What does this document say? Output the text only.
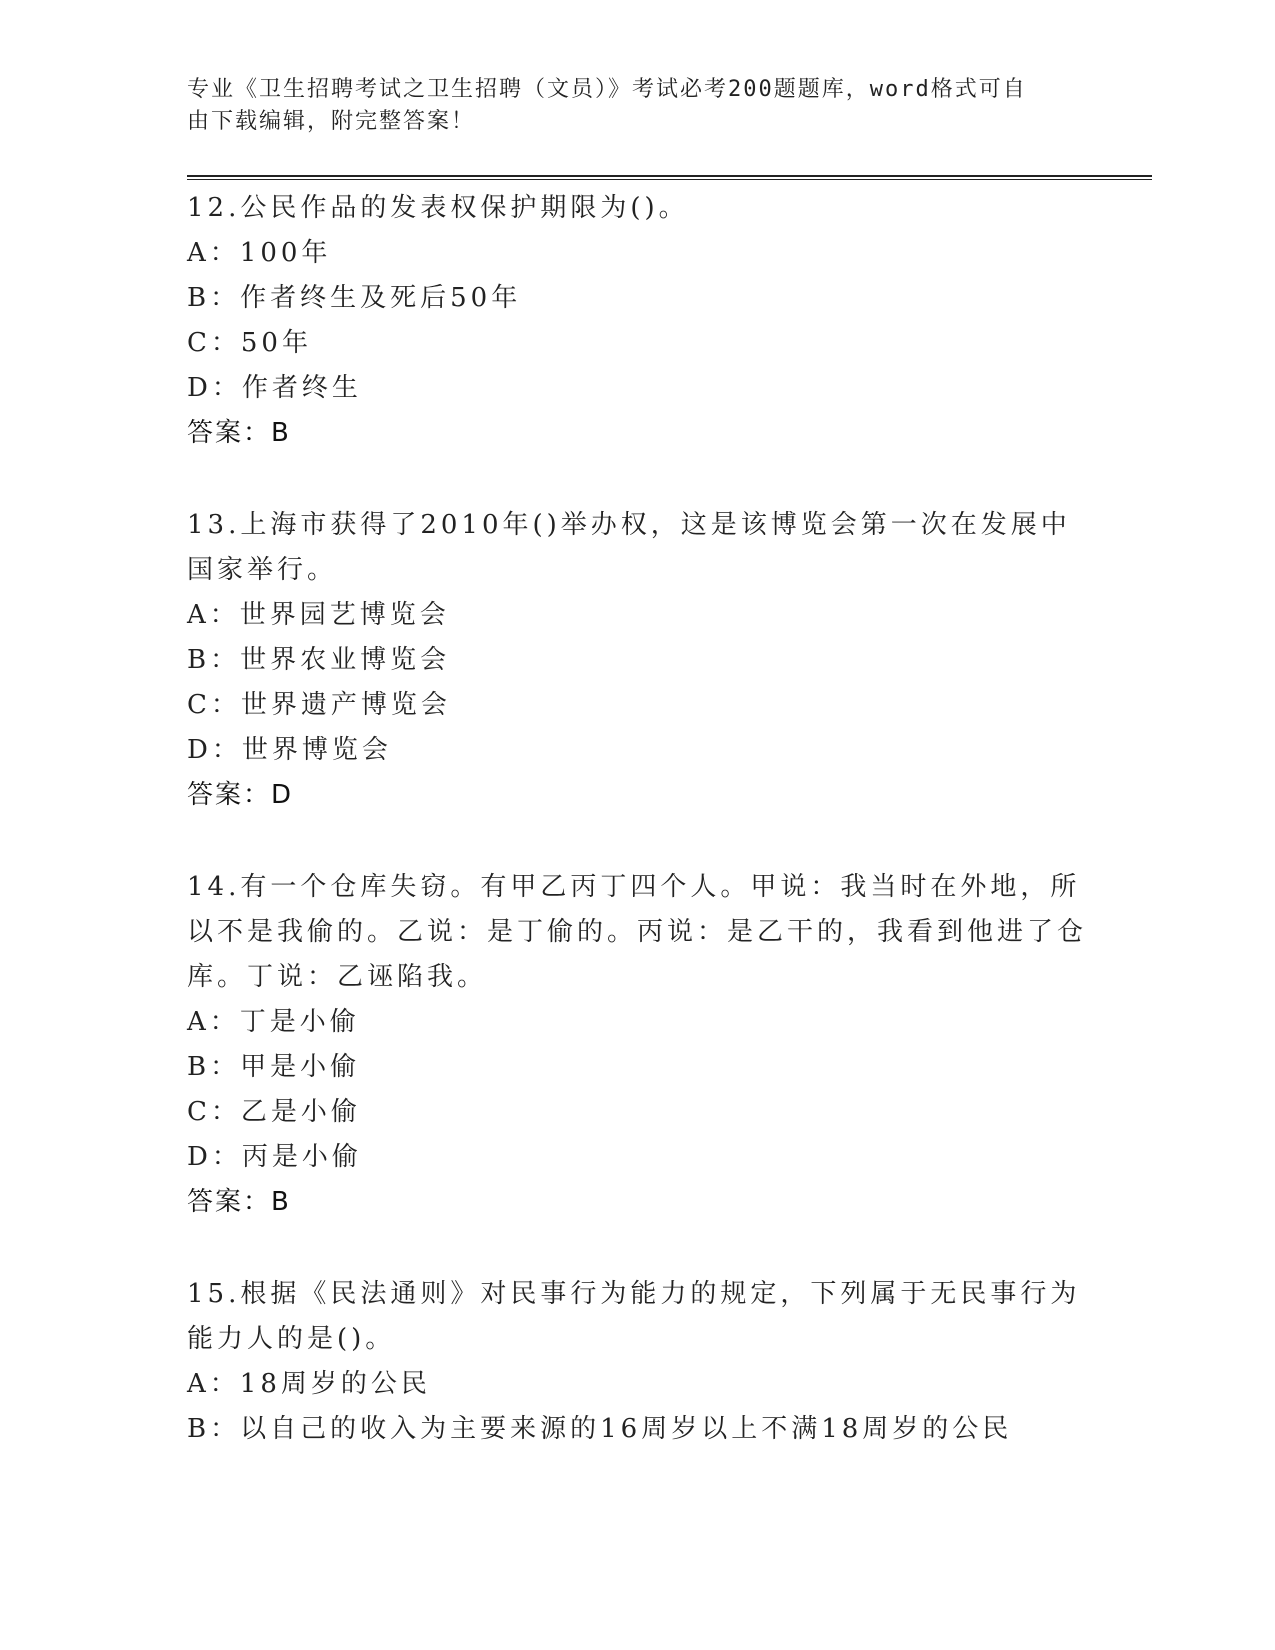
专业《卫生招聘考试之卫生招聘（文员）》考试必考200题题库，word格式可自
由下载编辑，附完整答案！
12.公民作品的发表权保护期限为()。
A：100年
B：作者终生及死后50年
C：50年
D：作者终生
答案：B
13.上海市获得了2010年()举办权，这是该博览会第一次在发展中国家举行。
A：世界园艺博览会
B：世界农业博览会
C：世界遗产博览会
D：世界博览会
答案：D
14.有一个仓库失窃。有甲乙丙丁四个人。甲说：我当时在外地，所以不是我偷的。乙说：是丁偷的。丙说：是乙干的，我看到他进了仓库。丁说：乙诬陷我。
A：丁是小偷
B：甲是小偷
C：乙是小偷
D：丙是小偷
答案：B
15.根据《民法通则》对民事行为能力的规定，下列属于无民事行为能力人的是()。
A：18周岁的公民
B：以自己的收入为主要来源的16周岁以上不满18周岁的公民
